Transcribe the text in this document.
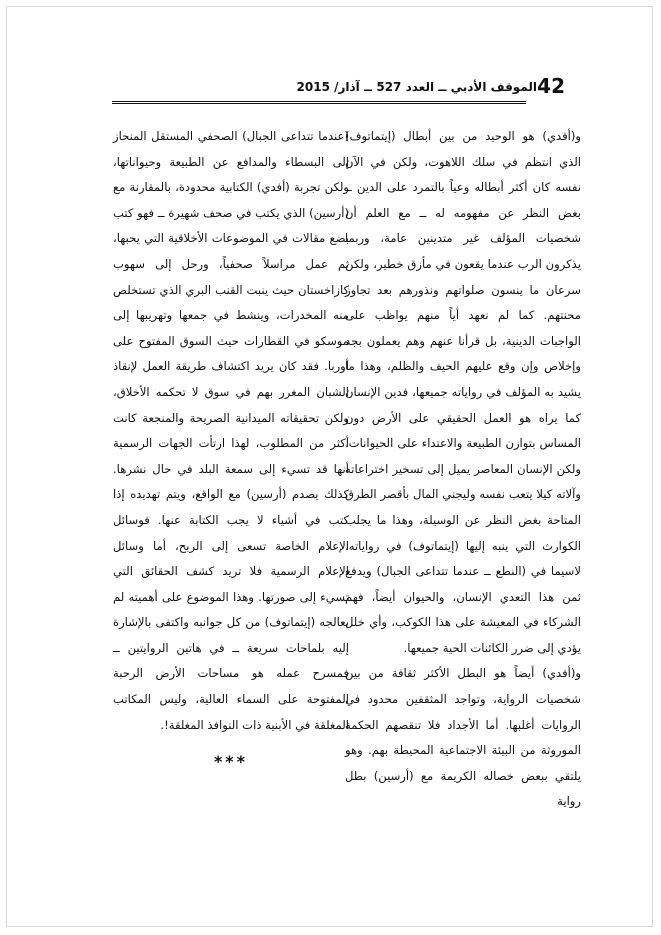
42
الموقف الأدبي ــ العدد 527 ــ آذار/ 2015

و(أفدي) هو الوحيد من بين أبطال (إيتماتوف) الذي انتظم في سلك اللاهوت، ولكن في الآن نفسه كان أكثر أبطاله وعياً بالتمرد على الدين ــ بغض النظر عن مفهومه له ــ مع العلم أن شخصيات المؤلف غير متدينين عامة، وربما يذكرون الرب عندما يقعون في مأزق خطير، ولكن سرعان ما ينسون صلواتهم ونذورهم بعد تجاوز محنتهم. كما لم نعهد أياً منهم يواظب على الواجبات الدينية، بل قرأنا عنهم وهم يعملون بجد وإخلاص وإن وقع عليهم الحيف والظلم، وهذا ما يشيد به المؤلف في رواياته جميعها، فدين الإنسان كما يراه هو العمل الحقيقي على الأرض دون المساس بتوازن الطبيعة والاعتداء على الحيوانات. ولكن الإنسان المعاصر يميل إلى تسخير اختراعاته وآلاته كيلا يتعب نفسه وليجني المال بأقصر الطرق المتاحة بغض النظر عن الوسيلة، وهذا ما يجلب الكوارث التي ينبه إليها (إيتماتوف) في رواياته، لاسيما في (النطع ــ عندما تتداعى الجبال) ويدفع ثمن هذا التعدي الإنسان، والحيوان أيضاً، فهم الشركاء في المعيشة على هذا الكوكب، وأي خلل يؤدي إلى ضرر الكائنات الحية جميعها.

و(أفدي) أيضاً هو البطل الأكثر ثقافة من بين شخصيات الرواية، وتواجد المثقفين محدود في الروايات أغلبها. أما الأجداد فلا تنقصهم الحكمة الموروثة من البيئة الاجتماعية المحيطة بهم. وهو يلتقي ببعض خصاله الكريمة مع (أرسين) بطل رواية

(عندما تتداعى الجبال) الصحفي المستقل المنحاز إلى البسطاء والمدافع عن الطبيعة وحيواناتها، ولكن تجربة (أفدي) الكتابية محدودة، بالمقارنة مع (أرسين) الذي يكتب في صحف شهيرة ــ فهو كتب بضع مقالات في الموضوعات الأخلاقية التي يحبها، ثم عمل مراسلاً صحفياً، ورحل إلى سهوب كازاخستان حيث ينبت القنب البري الذي تستخلص منه المخدرات، وينشط في جمعها وتهريبها إلى موسكو في القطارات حيث السوق المفتوح على أوربا. فقد كان يريد اكتشاف طريقة العمل لإنقاذ الشبان المغرر بهم في سوق لا تحكمه الأخلاق، ولكن تحقيقاته الميدانية الصريحة والمنجعة كانت أكثر من المطلوب، لهذا ارتأت الجهات الرسمية أنها قد تسيء إلى سمعة البلد في حال نشرها. كذلك يصدم (أرسين) مع الواقع، ويتم تهديده إذا كتب في أشياء لا يجب الكتابة عنها. فوسائل الإعلام الخاصة تسعى إلى الربح، أما وسائل الإعلام الرسمية فلا تريد كشف الحقائق التي تسيء إلى صورتها. وهذا الموضوع على أهميته لم يعالجه (إيتماتوف) من كل جوانبه واكتفى بالإشارة إليه بلماحات سريعة ــ في هاتين الروايتين ــ فمسرح عمله هو مساحات الأرض الرحبة المفتوحة على السماء العالية، وليس المكاتب المغلقة في الأبنية ذات النوافذ المغلقة!.

***
